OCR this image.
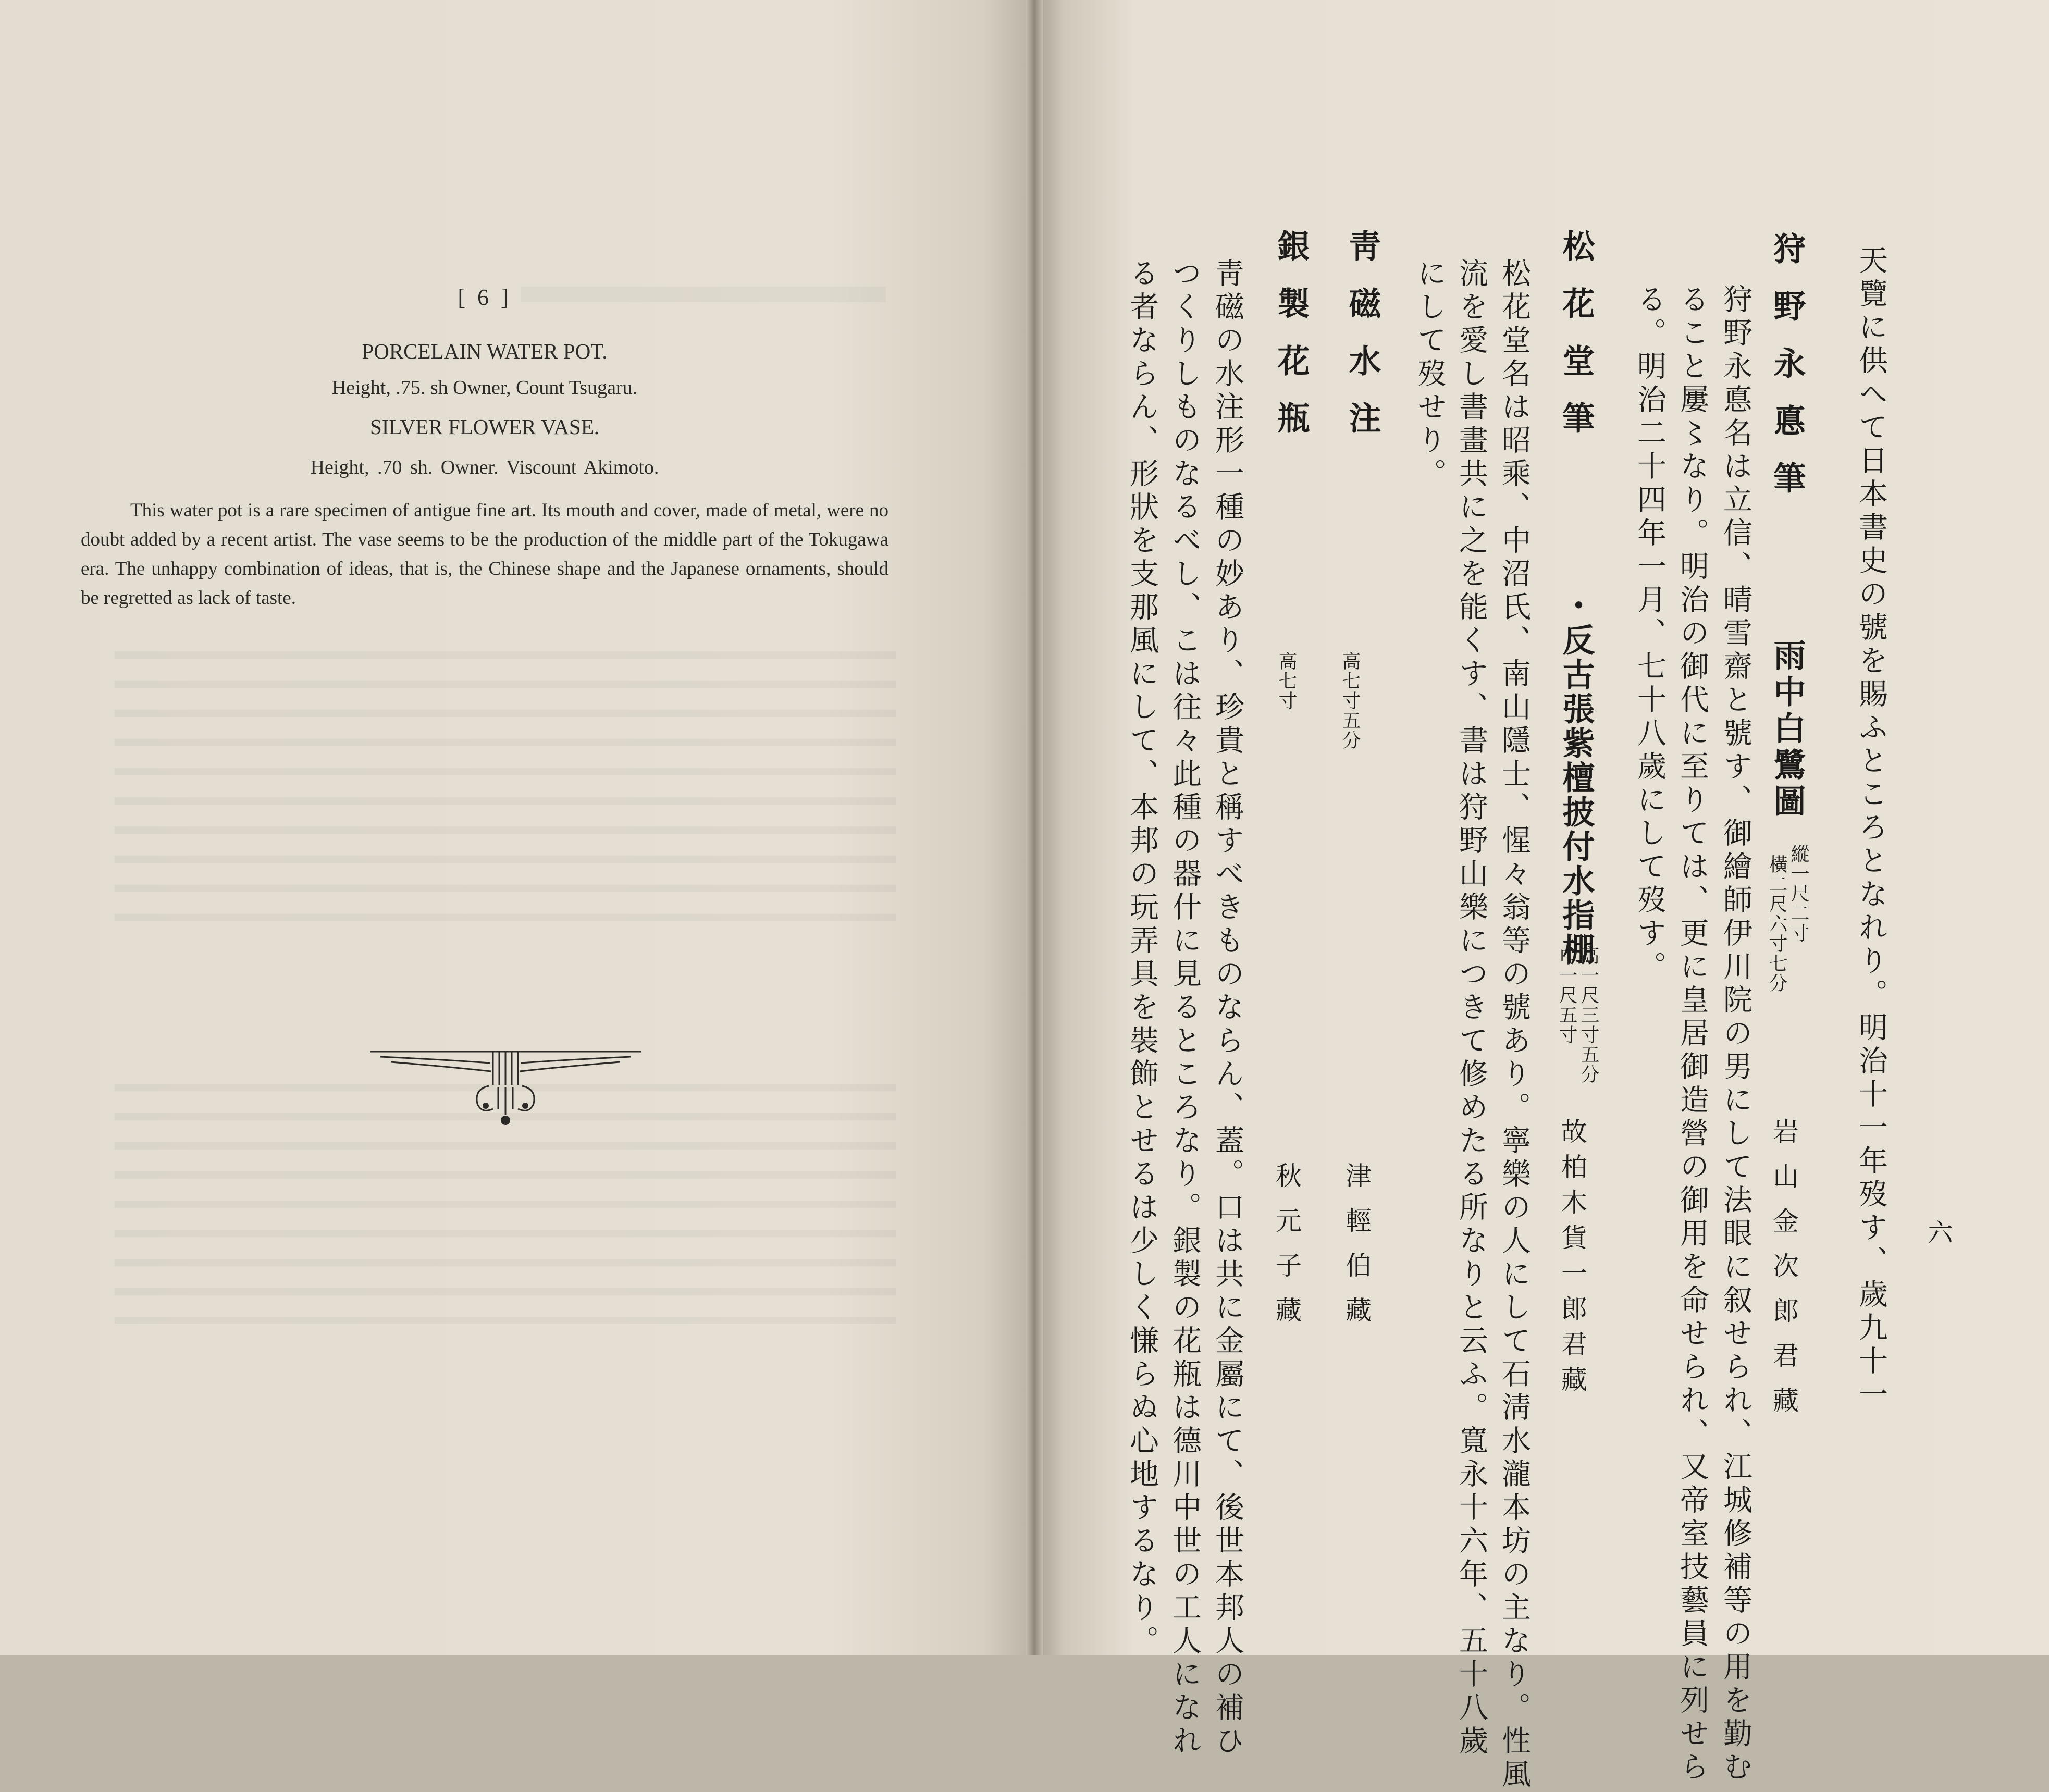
[ 6 ]
PORCELAIN WATER POT.
Height, .75. sh Owner, Count Tsugaru.
SILVER FLOWER VASE.
Height, .70 sh. Owner. Viscount Akimoto.
This water pot is a rare specimen of antigue fine art. Its mouth and cover, made of metal, were no doubt added by a recent artist. The vase seems to be the production of the middle part of the Tokugawa era. The unhappy combination of ideas, that is, the Chinese shape and the Japanese ornaments, should be regretted as lack of taste.
六
天覽に供へて日本書史の號を賜ふところとなれり。明治十一年歿す、歲九十一
狩野永悳筆
雨中白鷺圖
縱一尺二寸
橫二尺六寸七分
岩山金次郎君藏
狩野永悳名は立信、晴雪齋と號す、御繪師伊川院の男にして法眼に叙せられ、江城修補等の用を勤む
ること屢〻なり。明治の御代に至りては、更に皇居御造營の御用を命せられ、又帝室技藝員に列せら
る。明治二十四年一月、七十八歲にして歿す。
松花堂筆
・反古張紫檀披付水指棚
高一尺三寸五分
巾一尺五寸
故柏木貨一郎君藏
松花堂名は昭乘、中沼氏、南山隱士、惺々翁等の號あり。寧樂の人にして石淸水瀧本坊の主なり。性風
流を愛し書畫共に之を能くす、書は狩野山樂につきて修めたる所なりと云ふ。寬永十六年、五十八歲
にして歿せり。
靑磁水注
高七寸五分
津輕伯藏
銀製花瓶
高七寸
秋元子藏
靑磁の水注形一種の妙あり、珍貴と稱すべきものならん、蓋。口は共に金屬にて、後世本邦人の補ひ
つくりしものなるべし、こは往々此種の器什に見るところなり。銀製の花瓶は德川中世の工人になれ
る者ならん、形狀を支那風にして、本邦の玩弄具を裝飾とせるは少しく慊らぬ心地するなり。
